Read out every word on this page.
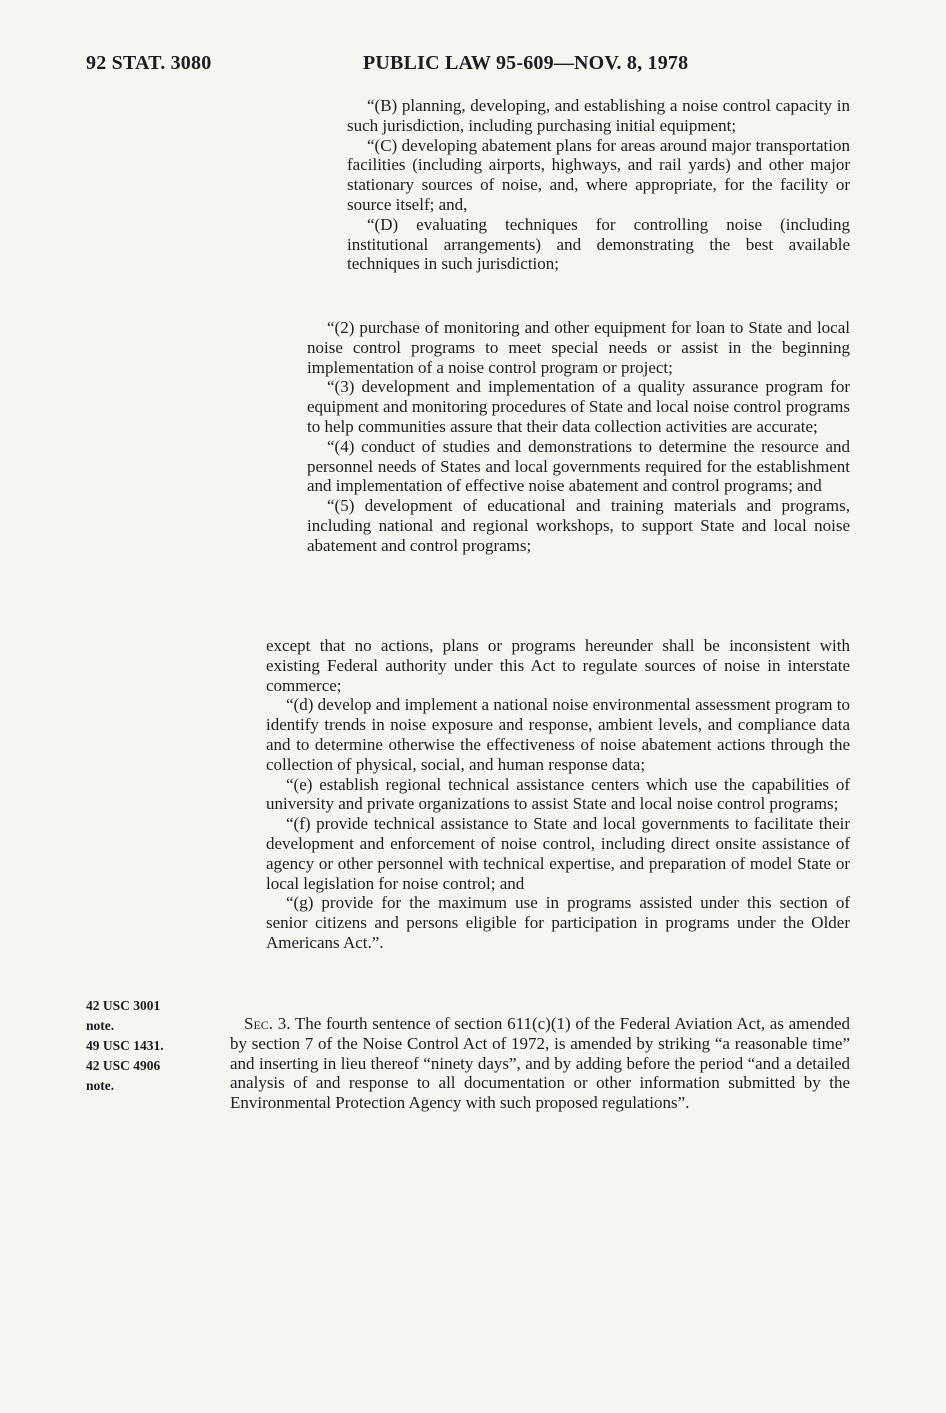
92 STAT. 3080	PUBLIC LAW 95-609—NOV. 8, 1978

“(B) planning, developing, and establishing a noise control capacity in such jurisdiction, including purchasing initial equipment;

“(C) developing abatement plans for areas around major transportation facilities (including airports, highways, and rail yards) and other major stationary sources of noise, and, where appropriate, for the facility or source itself; and,

“(D) evaluating techniques for controlling noise (including institutional arrangements) and demonstrating the best available techniques in such jurisdiction;

“(2) purchase of monitoring and other equipment for loan to State and local noise control programs to meet special needs or assist in the beginning implementation of a noise control program or project;

“(3) development and implementation of a quality assurance program for equipment and monitoring procedures of State and local noise control programs to help communities assure that their data collection activities are accurate;

“(4) conduct of studies and demonstrations to determine the resource and personnel needs of States and local governments required for the establishment and implementation of effective noise abatement and control programs; and

“(5) development of educational and training materials and programs, including national and regional workshops, to support State and local noise abatement and control programs;

except that no actions, plans or programs hereunder shall be inconsistent with existing Federal authority under this Act to regulate sources of noise in interstate commerce;

“(d) develop and implement a national noise environmental assessment program to identify trends in noise exposure and response, ambient levels, and compliance data and to determine otherwise the effectiveness of noise abatement actions through the collection of physical, social, and human response data;

“(e) establish regional technical assistance centers which use the capabilities of university and private organizations to assist State and local noise control programs;

“(f) provide technical assistance to State and local governments to facilitate their development and enforcement of noise control, including direct onsite assistance of agency or other personnel with technical expertise, and preparation of model State or local legislation for noise control; and

“(g) provide for the maximum use in programs assisted under this section of senior citizens and persons eligible for participation in programs under the Older Americans Act.”.

Sec. 3. The fourth sentence of section 611(c)(1) of the Federal Aviation Act, as amended by section 7 of the Noise Control Act of 1972, is amended by striking “a reasonable time” and inserting in lieu thereof “ninety days”, and by adding before the period “and a detailed analysis of and response to all documentation or other information submitted by the Environmental Protection Agency with such proposed regulations”.

42 USC 3001
note.
49 USC 1431.
42 USC 4906
note.
